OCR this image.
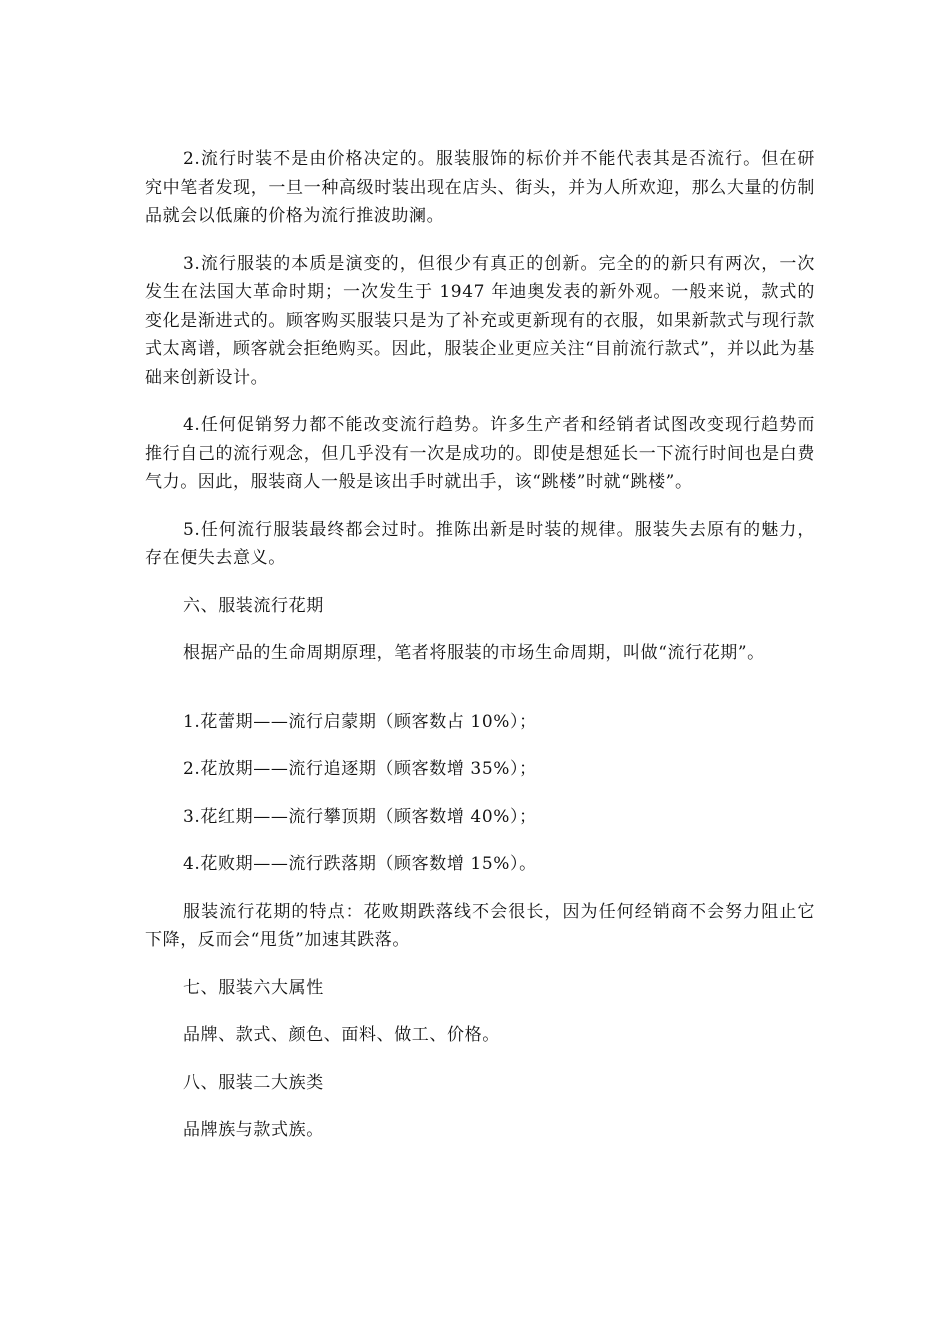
2.流行时装不是由价格决定的。服装服饰的标价并不能代表其是否流行。但在研究中笔者发现，一旦一种高级时装出现在店头、街头，并为人所欢迎，那么大量的仿制品就会以低廉的价格为流行推波助澜。

3.流行服装的本质是演变的，但很少有真正的创新。完全的的新只有两次，一次发生在法国大革命时期；一次发生于 1947 年迪奥发表的新外观。一般来说，款式的变化是渐进式的。顾客购买服装只是为了补充或更新现有的衣服，如果新款式与现行款式太离谱，顾客就会拒绝购买。因此，服装企业更应关注“目前流行款式”，并以此为基础来创新设计。

4.任何促销努力都不能改变流行趋势。许多生产者和经销者试图改变现行趋势而推行自己的流行观念，但几乎没有一次是成功的。即使是想延长一下流行时间也是白费气力。因此，服装商人一般是该出手时就出手，该“跳楼”时就“跳楼”。

5.任何流行服装最终都会过时。推陈出新是时装的规律。服装失去原有的魅力，存在便失去意义。

六、服装流行花期

根据产品的生命周期原理，笔者将服装的市场生命周期，叫做“流行花期”。

1.花蕾期——流行启蒙期（顾客数占 10%）；

2.花放期——流行追逐期（顾客数增 35%）；

3.花红期——流行攀顶期（顾客数增 40%）；

4.花败期——流行跌落期（顾客数增 15%）。

服装流行花期的特点：花败期跌落线不会很长，因为任何经销商不会努力阻止它下降，反而会“甩货”加速其跌落。

七、服装六大属性

品牌、款式、颜色、面料、做工、价格。

八、服装二大族类

品牌族与款式族。
